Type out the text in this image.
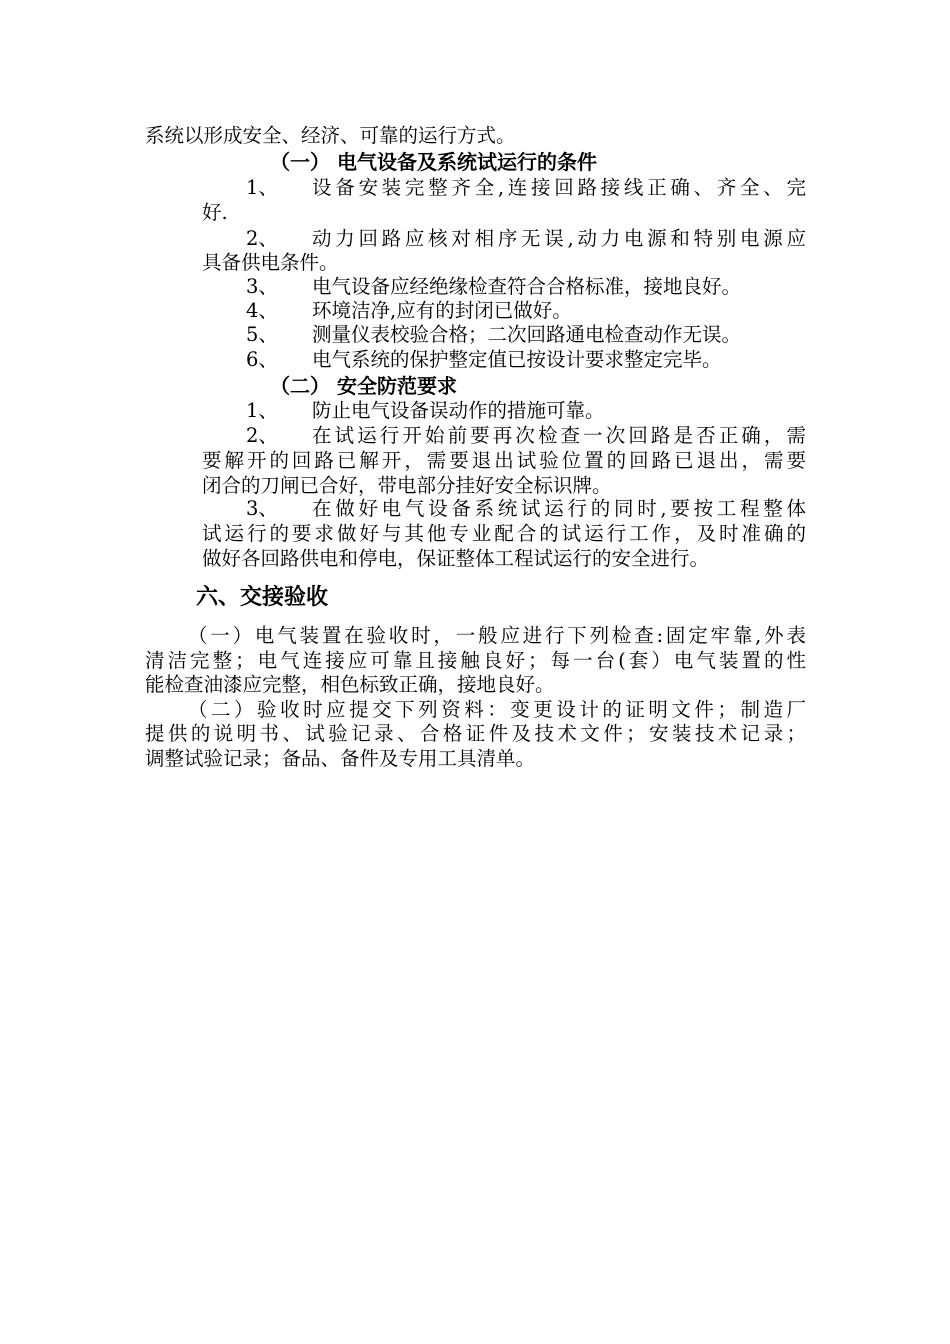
系统以形成安全、经济、可靠的运行方式。
（一） 电气设备及系统试运行的条件
1、 设备安装完整齐全,连接回路接线正确、齐全、完
好.
2、 动力回路应核对相序无误,动力电源和特别电源应
具备供电条件。
3、 电气设备应经绝缘检查符合合格标准，接地良好。
4、 环境洁净,应有的封闭已做好。
5、 测量仪表校验合格；二次回路通电检查动作无误。
6、 电气系统的保护整定值已按设计要求整定完毕。
（二） 安全防范要求
1、 防止电气设备误动作的措施可靠。
2、 在试运行开始前要再次检查一次回路是否正确，需
要解开的回路已解开，需要退出试验位置的回路已退出，需要
闭合的刀闸已合好，带电部分挂好安全标识牌。
3、 在做好电气设备系统试运行的同时,要按工程整体
试运行的要求做好与其他专业配合的试运行工作，及时准确的
做好各回路供电和停电，保证整体工程试运行的安全进行。
六、交接验收
（一）电气装置在验收时，一般应进行下列检查:固定牢靠,外表
清洁完整；电气连接应可靠且接触良好；每一台(套）电气装置的性
能检查油漆应完整，相色标致正确，接地良好。
（二）验收时应提交下列资料：变更设计的证明文件；制造厂
提供的说明书、试验记录、合格证件及技术文件；安装技术记录；
调整试验记录；备品、备件及专用工具清单。
